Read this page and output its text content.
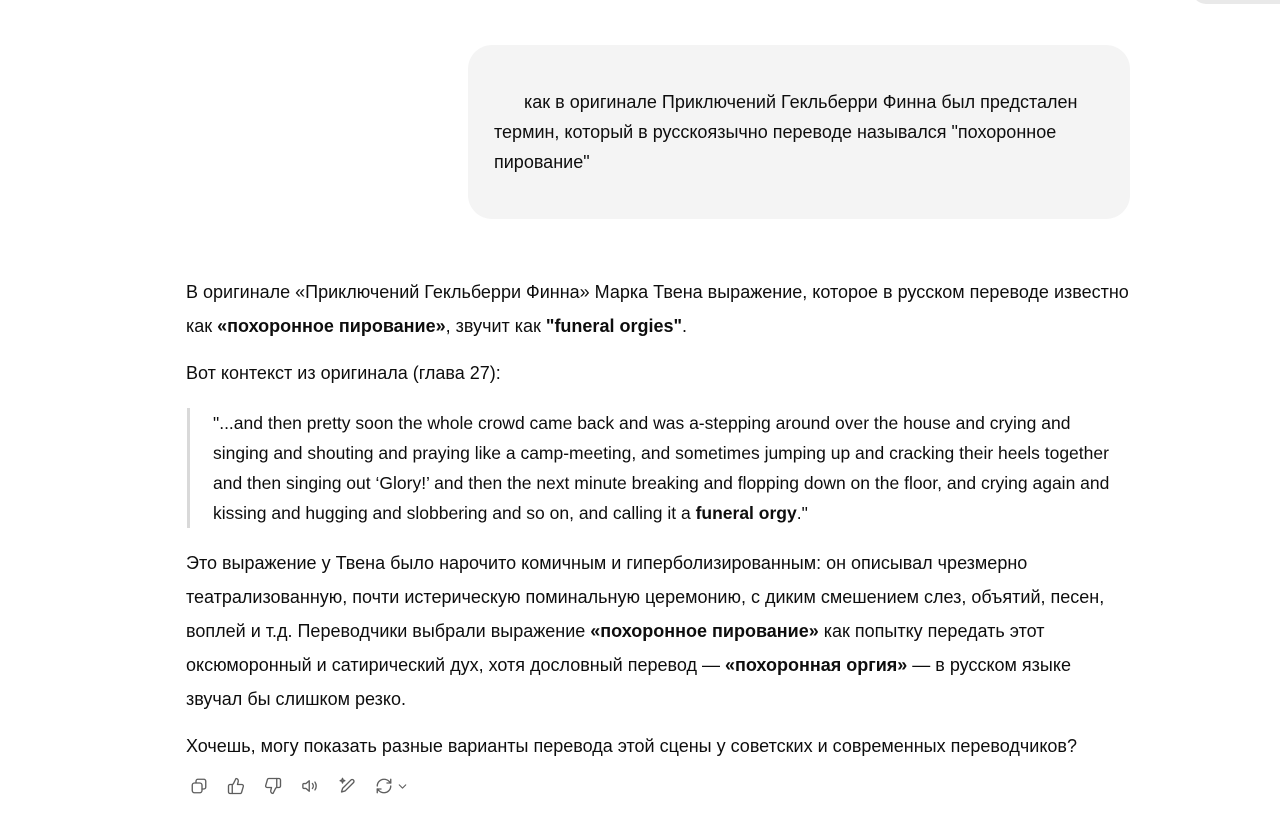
как в оригинале Приключений Гекльберри Финна был предстален термин, который в русскоязычно переводе назывался "похоронное пирование"

В оригинале «Приключений Гекльберри Финна» Марка Твена выражение, которое в русском переводе известно как «похоронное пирование», звучит как "funeral orgies".

Вот контекст из оригинала (глава 27):

"...and then pretty soon the whole crowd came back and was a-stepping around over the house and crying and singing and shouting and praying like a camp-meeting, and sometimes jumping up and cracking their heels together and then singing out ‘Glory!’ and then the next minute breaking and flopping down on the floor, and crying again and kissing and hugging and slobbering and so on, and calling it a funeral orgy."

Это выражение у Твена было нарочито комичным и гиперболизированным: он описывал чрезмерно театрализованную, почти истерическую поминальную церемонию, с диким смешением слез, объятий, песен, воплей и т.д. Переводчики выбрали выражение «похоронное пирование» как попытку передать этот оксюморонный и сатирический дух, хотя дословный перевод — «похоронная оргия» — в русском языке звучал бы слишком резко.

Хочешь, могу показать разные варианты перевода этой сцены у советских и современных переводчиков?
